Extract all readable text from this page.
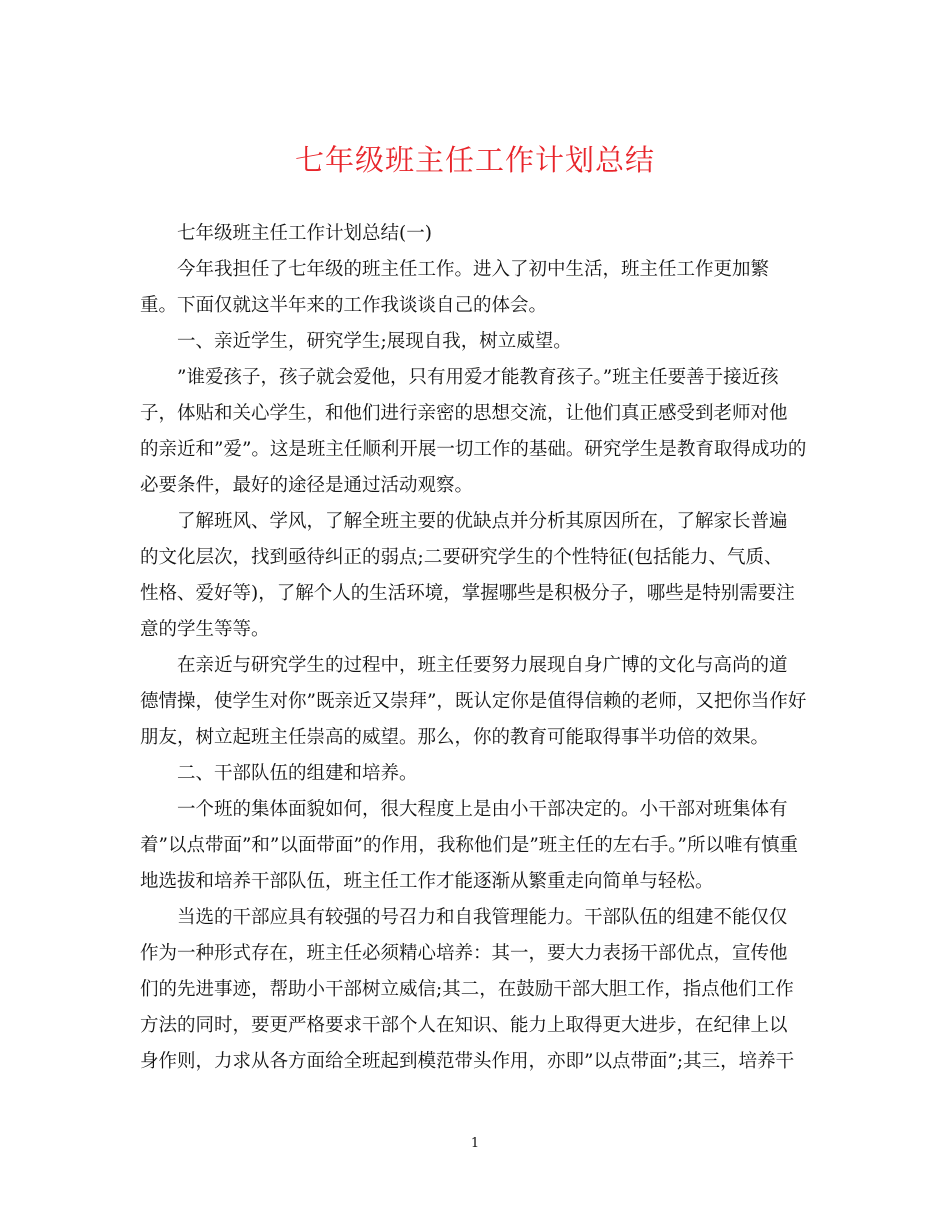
七年级班主任工作计划总结

　　七年级班主任工作计划总结(一)

　　今年我担任了七年级的班主任工作。进入了初中生活，班主任工作更加繁
重。下面仅就这半年来的工作我谈谈自己的体会。

　　一、亲近学生，研究学生;展现自我，树立威望。

　　”谁爱孩子，孩子就会爱他，只有用爱才能教育孩子。”班主任要善于接近孩
子，体贴和关心学生，和他们进行亲密的思想交流，让他们真正感受到老师对他
的亲近和”爱”。这是班主任顺利开展一切工作的基础。研究学生是教育取得成功的
必要条件，最好的途径是通过活动观察。

　　了解班风、学风，了解全班主要的优缺点并分析其原因所在，了解家长普遍
的文化层次，找到亟待纠正的弱点;二要研究学生的个性特征(包括能力、气质、
性格、爱好等)，了解个人的生活环境，掌握哪些是积极分子，哪些是特别需要注
意的学生等等。

　　在亲近与研究学生的过程中，班主任要努力展现自身广博的文化与高尚的道
德情操，使学生对你”既亲近又崇拜”，既认定你是值得信赖的老师，又把你当作好
朋友，树立起班主任崇高的威望。那么，你的教育可能取得事半功倍的效果。

　　二、干部队伍的组建和培养。

　　一个班的集体面貌如何，很大程度上是由小干部决定的。小干部对班集体有
着”以点带面”和”以面带面”的作用，我称他们是”班主任的左右手。”所以唯有慎重
地选拔和培养干部队伍，班主任工作才能逐渐从繁重走向简单与轻松。

　　当选的干部应具有较强的号召力和自我管理能力。干部队伍的组建不能仅仅
作为一种形式存在，班主任必须精心培养：其一，要大力表扬干部优点，宣传他
们的先进事迹，帮助小干部树立威信;其二，在鼓励干部大胆工作，指点他们工作
方法的同时，要更严格要求干部个人在知识、能力上取得更大进步，在纪律上以
身作则，力求从各方面给全班起到模范带头作用，亦即”以点带面”;其三，培养干

1
